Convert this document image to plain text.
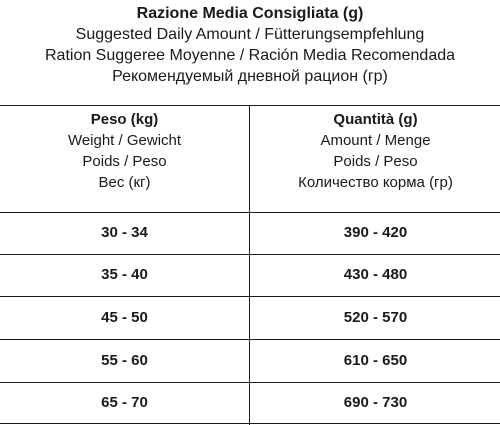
Razione Media Consigliata (g)
Suggested Daily Amount / Fütterungsempfehlung
Ration Suggeree Moyenne / Ración Media Recomendada
Рекомендуемый дневной рацион (гр)
Peso (kg)
Weight / Gewicht
Poids / Peso
Вес (кг)
Quantità (g)
Amount / Menge
Poids / Peso
Количество корма (гр)
30 - 34	390 - 420
35 - 40	430 - 480
45 - 50	520 - 570
55 - 60	610 - 650
65 - 70	690 - 730
